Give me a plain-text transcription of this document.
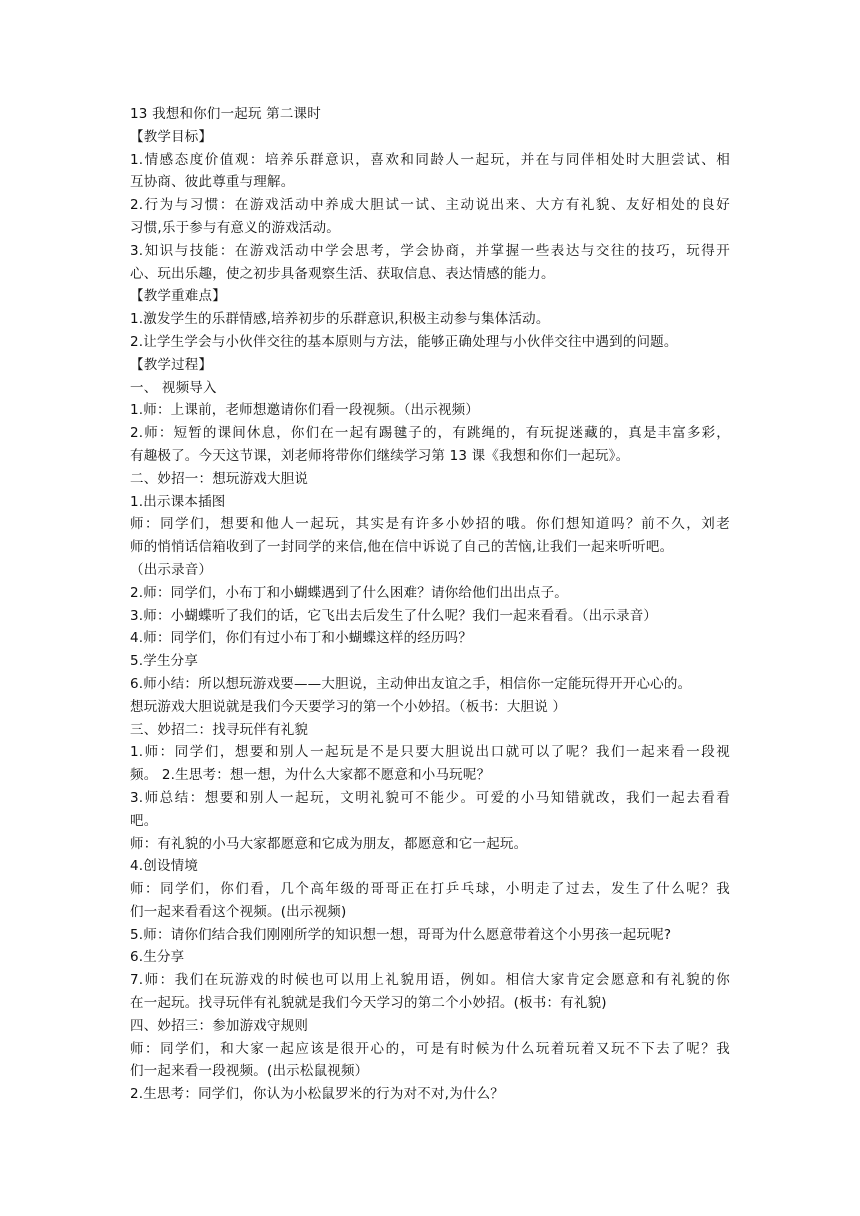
13 我想和你们一起玩 第二课时
【教学目标】
1.情感态度价值观：培养乐群意识，喜欢和同龄人一起玩，并在与同伴相处时大胆尝试、相
互协商、彼此尊重与理解。
2.行为与习惯：在游戏活动中养成大胆试一试、主动说出来、大方有礼貌、友好相处的良好
习惯,乐于参与有意义的游戏活动。
3.知识与技能：在游戏活动中学会思考，学会协商，并掌握一些表达与交往的技巧，玩得开
心、玩出乐趣，使之初步具备观察生活、获取信息、表达情感的能力。
【教学重难点】
1.激发学生的乐群情感,培养初步的乐群意识,积极主动参与集体活动。
2.让学生学会与小伙伴交往的基本原则与方法，能够正确处理与小伙伴交往中遇到的问题。
【教学过程】
一、 视频导入
1.师：上课前，老师想邀请你们看一段视频。（出示视频）
2.师：短暂的课间休息，你们在一起有踢毽子的，有跳绳的，有玩捉迷藏的，真是丰富多彩，
有趣极了。今天这节课，刘老师将带你们继续学习第 13 课《我想和你们一起玩》。
二、妙招一：想玩游戏大胆说
1.出示课本插图
师：同学们，想要和他人一起玩，其实是有许多小妙招的哦。你们想知道吗？前不久，刘老
师的悄悄话信箱收到了一封同学的来信,他在信中诉说了自己的苦恼,让我们一起来听听吧。
（出示录音）
2.师：同学们，小布丁和小蝴蝶遇到了什么困难？请你给他们出出点子。
3.师：小蝴蝶听了我们的话，它飞出去后发生了什么呢？我们一起来看看。（出示录音）
4.师：同学们，你们有过小布丁和小蝴蝶这样的经历吗？
5.学生分享
6.师小结：所以想玩游戏要——大胆说，主动伸出友谊之手，相信你一定能玩得开开心心的。
想玩游戏大胆说就是我们今天要学习的第一个小妙招。（板书：大胆说 ）
三、妙招二：找寻玩伴有礼貌
1.师：同学们，想要和别人一起玩是不是只要大胆说出口就可以了呢？我们一起来看一段视
频。 2.生思考：想一想，为什么大家都不愿意和小马玩呢？
3.师总结：想要和别人一起玩，文明礼貌可不能少。可爱的小马知错就改，我们一起去看看
吧。
师：有礼貌的小马大家都愿意和它成为朋友，都愿意和它一起玩。
4.创设情境
师：同学们，你们看，几个高年级的哥哥正在打乒乓球，小明走了过去，发生了什么呢？我
们一起来看看这个视频。(出示视频)
5.师：请你们结合我们刚刚所学的知识想一想，哥哥为什么愿意带着这个小男孩一起玩呢?
6.生分享
7.师：我们在玩游戏的时候也可以用上礼貌用语，例如。相信大家肯定会愿意和有礼貌的你
在一起玩。找寻玩伴有礼貌就是我们今天学习的第二个小妙招。(板书：有礼貌)
四、妙招三：参加游戏守规则
师：同学们，和大家一起应该是很开心的，可是有时候为什么玩着玩着又玩不下去了呢？我
们一起来看一段视频。(出示松鼠视频）
2.生思考：同学们，你认为小松鼠罗米的行为对不对,为什么？
